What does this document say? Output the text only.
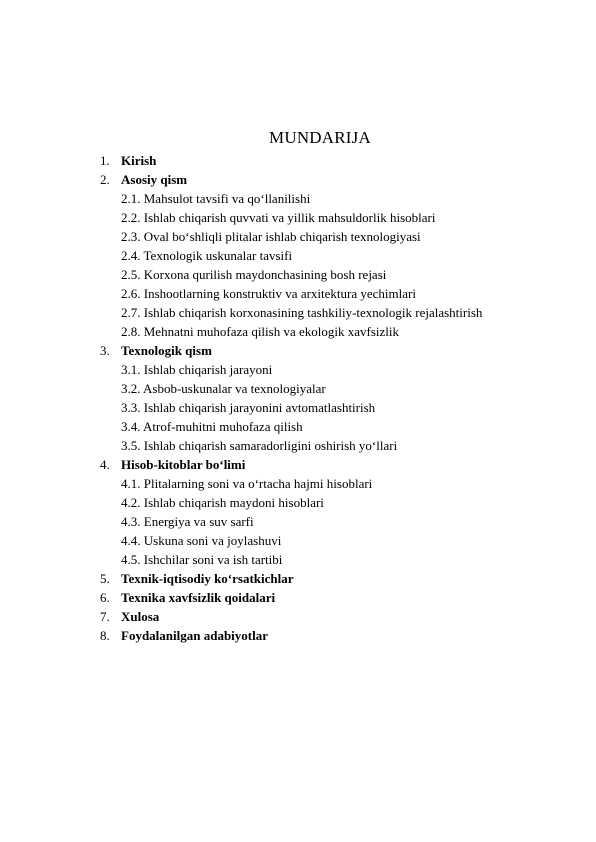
MUNDARIJA
1. Kirish
2. Asosiy qism
2.1. Mahsulot tavsifi va qo‘llanilishi
2.2. Ishlab chiqarish quvvati va yillik mahsuldorlik hisoblari
2.3. Oval bo‘shliqli plitalar ishlab chiqarish texnologiyasi
2.4. Texnologik uskunalar tavsifi
2.5. Korxona qurilish maydonchasining bosh rejasi
2.6. Inshootlarning konstruktiv va arxitektura yechimlari
2.7. Ishlab chiqarish korxonasining tashkiliy-texnologik rejalashtirish
2.8. Mehnatni muhofaza qilish va ekologik xavfsizlik
3. Texnologik qism
3.1. Ishlab chiqarish jarayoni
3.2. Asbob-uskunalar va texnologiyalar
3.3. Ishlab chiqarish jarayonini avtomatlashtirish
3.4. Atrof-muhitni muhofaza qilish
3.5. Ishlab chiqarish samaradorligini oshirish yo‘llari
4. Hisob-kitoblar bo‘limi
4.1. Plitalarning soni va o‘rtacha hajmi hisoblari
4.2. Ishlab chiqarish maydoni hisoblari
4.3. Energiya va suv sarfi
4.4. Uskuna soni va joylashuvi
4.5. Ishchilar soni va ish tartibi
5. Texnik-iqtisodiy ko‘rsatkichlar
6. Texnika xavfsizlik qoidalari
7. Xulosa
8. Foydalanilgan adabiyotlar
